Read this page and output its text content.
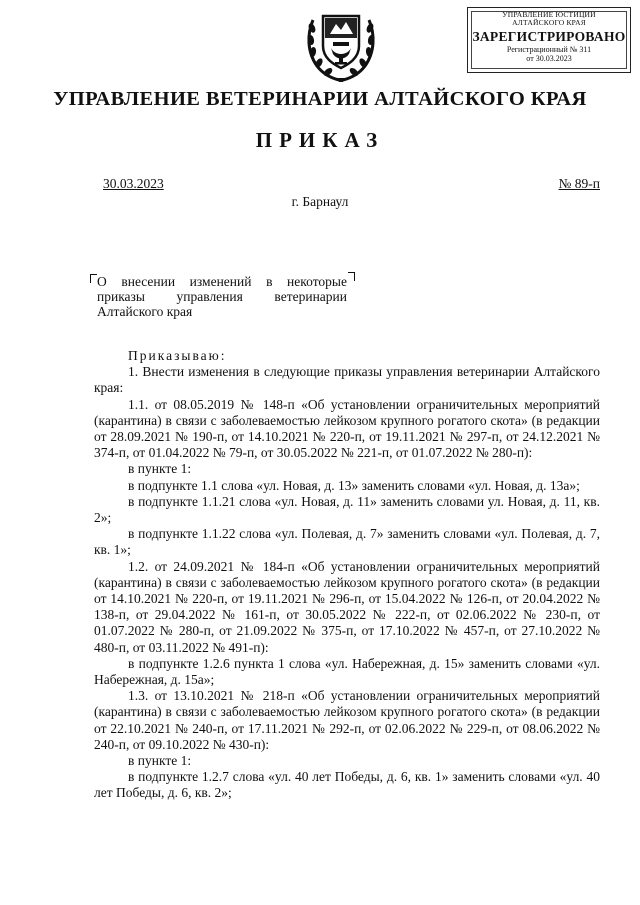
УПРАВЛЕНИЕ ЮСТИЦИИ
АЛТАЙСКОГО КРАЯ
ЗАРЕГИСТРИРОВАНО
Регистрационный № 311
от 30.03.2023
УПРАВЛЕНИЕ ВЕТЕРИНАРИИ АЛТАЙСКОГО КРАЯ
ПРИКАЗ
30.03.2023	№ 89-п
г. Барнаул
О внесении изменений в некоторые
приказы управления ветеринарии
Алтайского края

Приказываю:

1. Внести изменения в следующие приказы управления ветеринарии Алтайского края:

1.1. от 08.05.2019 № 148-п «Об установлении ограничительных мероприятий (карантина) в связи с заболеваемостью лейкозом крупного рогатого скота» (в редакции от 28.09.2021 № 190-п, от 14.10.2021 № 220-п, от 19.11.2021 № 297-п, от 24.12.2021 № 374-п, от 01.04.2022 № 79-п, от 30.05.2022 № 221-п, от 01.07.2022 № 280-п):

в пункте 1:

в подпункте 1.1 слова «ул. Новая, д. 13» заменить словами «ул. Новая, д. 13а»;

в подпункте 1.1.21 слова «ул. Новая, д. 11» заменить словами ул. Новая, д. 11, кв. 2»;

в подпункте 1.1.22 слова «ул. Полевая, д. 7» заменить словами «ул. Полевая, д. 7, кв. 1»;

1.2. от 24.09.2021 № 184-п «Об установлении ограничительных мероприятий (карантина) в связи с заболеваемостью лейкозом крупного рогатого скота» (в редакции от 14.10.2021 № 220-п, от 19.11.2021 № 296-п, от 15.04.2022 № 126-п, от 20.04.2022 № 138-п, от 29.04.2022 № 161-п, от 30.05.2022 № 222-п, от 02.06.2022 № 230-п, от 01.07.2022 № 280-п, от 21.09.2022 № 375-п, от 17.10.2022 № 457-п, от 27.10.2022 № 480-п, от 03.11.2022 № 491-п):

в подпункте 1.2.6 пункта 1 слова «ул. Набережная, д. 15» заменить словами «ул. Набережная, д. 15а»;

1.3. от 13.10.2021 № 218-п «Об установлении ограничительных мероприятий (карантина) в связи с заболеваемостью лейкозом крупного рогатого скота» (в редакции от 22.10.2021 № 240-п, от 17.11.2021 № 292-п, от 02.06.2022 № 229-п, от 08.06.2022 № 240-п, от 09.10.2022 № 430-п):

в пункте 1:

в подпункте 1.2.7 слова «ул. 40 лет Победы, д. 6, кв. 1» заменить словами «ул. 40 лет Победы, д. 6, кв. 2»;
